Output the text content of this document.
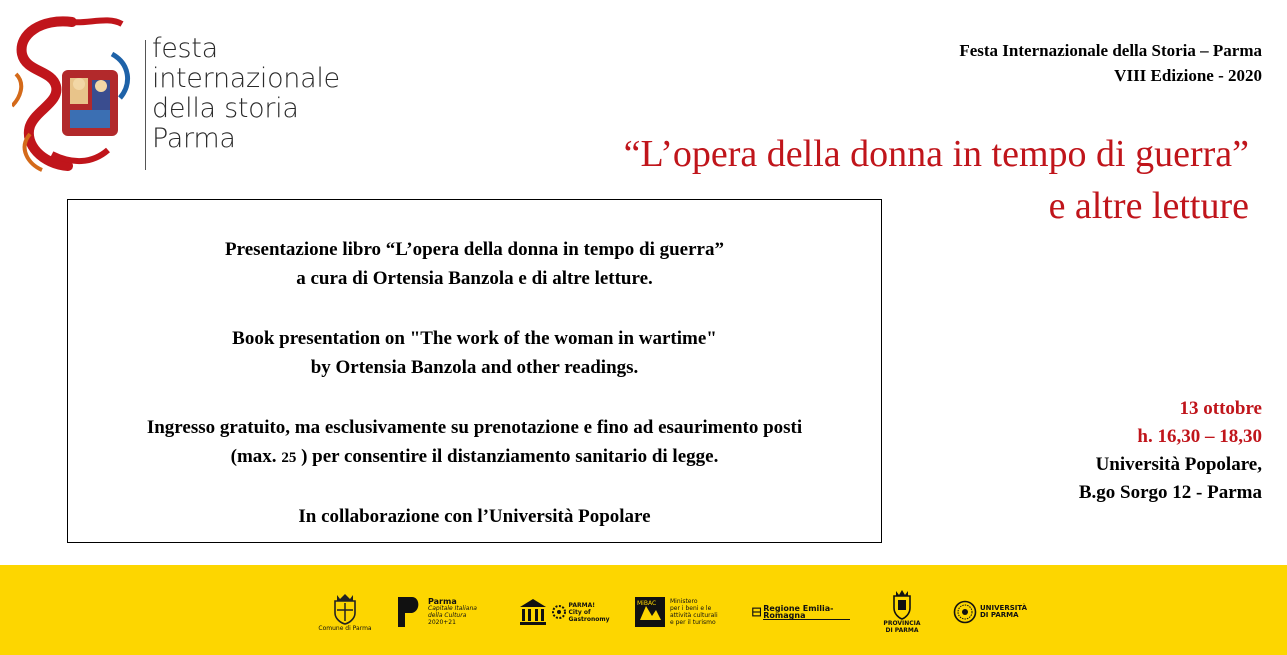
festa
internazionale
della storia
Parma
Festa Internazionale della Storia – Parma
VIII Edizione - 2020
“L’opera della donna in tempo di guerra”
e altre letture
Presentazione libro “L’opera della donna in tempo di guerra”
a cura di Ortensia Banzola e di altre letture.
Book presentation on "The work of the woman in wartime"
by Ortensia Banzola and other readings.
Ingresso gratuito, ma esclusivamente su prenotazione e fino ad esaurimento posti
(max. 25 ) per consentire il distanziamento sanitario di legge.
In collaborazione con l’Università Popolare
13 ottobre
h. 16,30 – 18,30
Università Popolare,
B.go Sorgo 12 - Parma
Comune di Parma
Parma
Capitale Italiana
della Cultura
2020+21
PARMA! City of Gastronomy
MiBAC Ministero
per i beni e le
attività culturali
e per il turismo
Regione Emilia-Romagna
PROVINCIA
DI PARMA
UNIVERSITÀ
DI PARMA
